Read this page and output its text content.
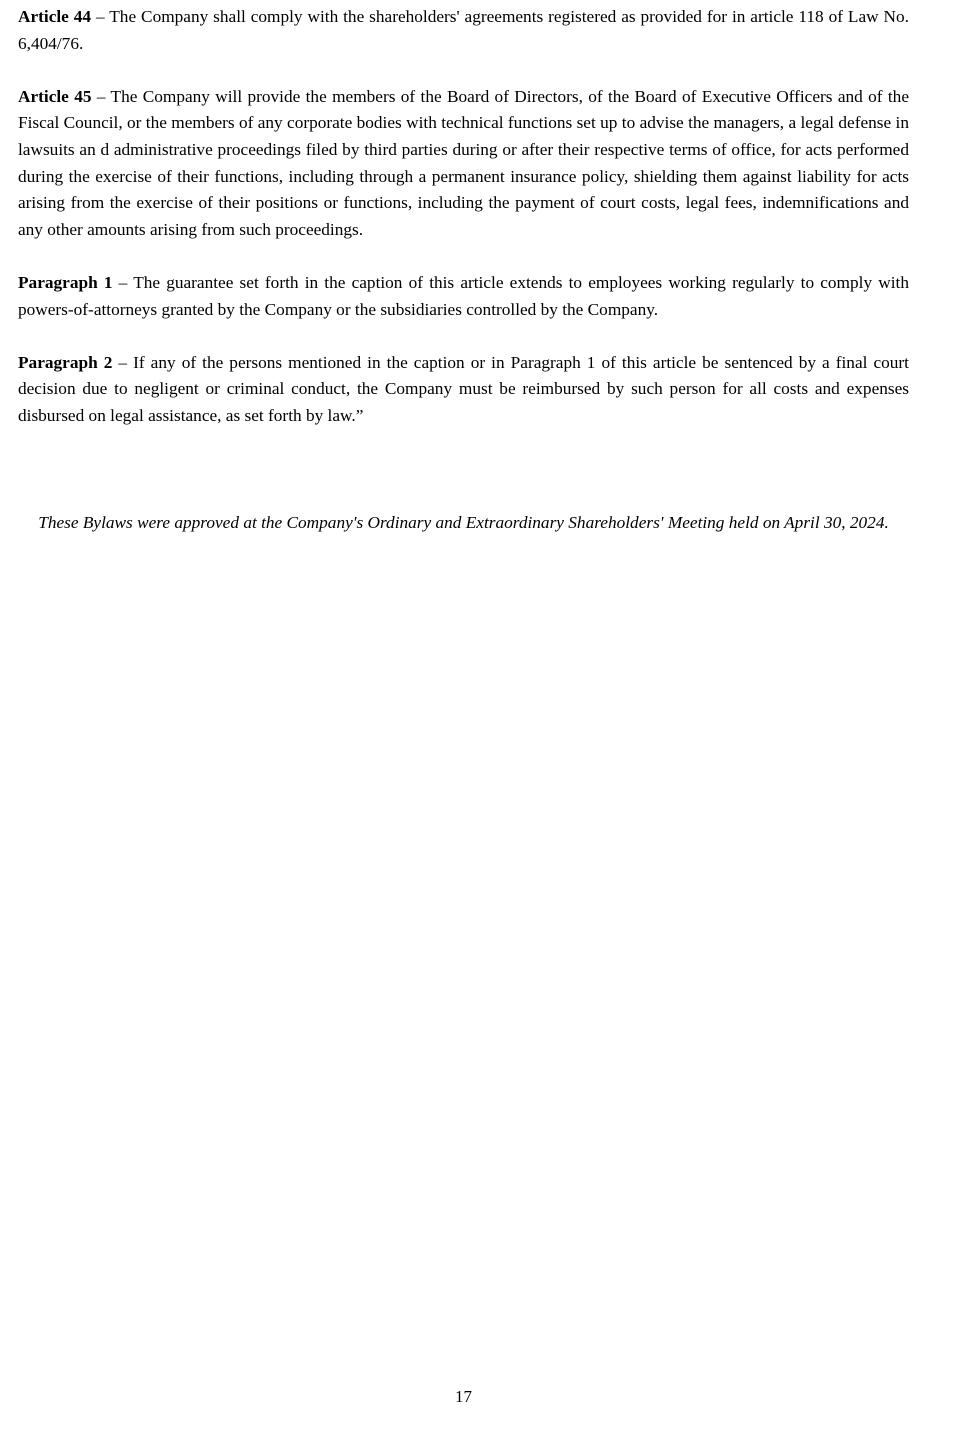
Article 44 – The Company shall comply with the shareholders' agreements registered as provided for in article 118 of Law No. 6,404/76.

Article 45 – The Company will provide the members of the Board of Directors, of the Board of Executive Officers and of the Fiscal Council, or the members of any corporate bodies with technical functions set up to advise the managers, a legal defense in lawsuits an d administrative proceedings filed by third parties during or after their respective terms of office, for acts performed during the exercise of their functions, including through a permanent insurance policy, shielding them against liability for acts arising from the exercise of their positions or functions, including the payment of court costs, legal fees, indemnifications and any other amounts arising from such proceedings.

Paragraph 1 – The guarantee set forth in the caption of this article extends to employees working regularly to comply with powers-of-attorneys granted by the Company or the subsidiaries controlled by the Company.

Paragraph 2 – If any of the persons mentioned in the caption or in Paragraph 1 of this article be sentenced by a final court decision due to negligent or criminal conduct, the Company must be reimbursed by such person for all costs and expenses disbursed on legal assistance, as set forth by law.”

These Bylaws were approved at the Company's Ordinary and Extraordinary Shareholders' Meeting held on April 30, 2024.

17
